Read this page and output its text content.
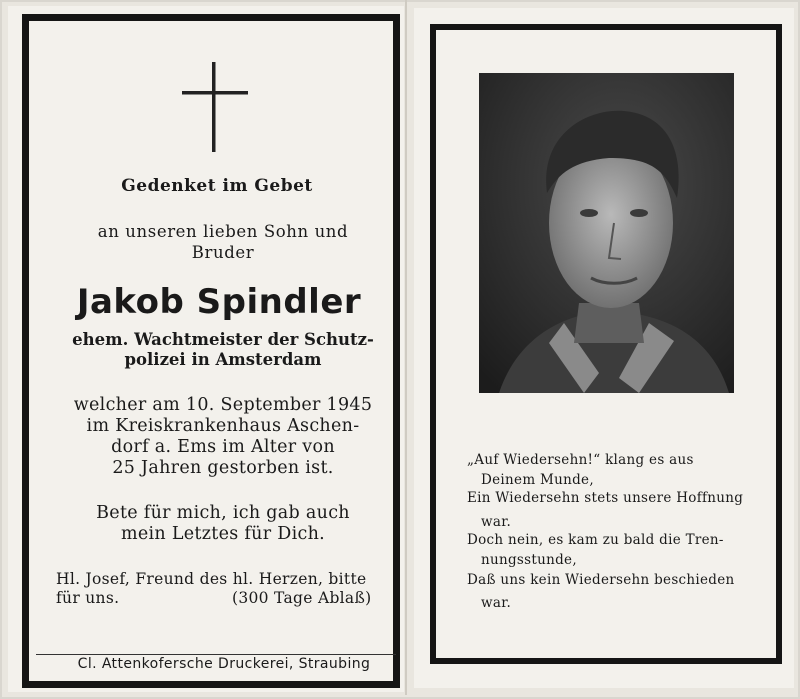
Gedenket im Gebet
an unseren lieben Sohn und
Bruder
Jakob Spindler
ehem. Wachtmeister der Schutz-
polizei in Amsterdam
welcher am 10. September 1945
im Kreiskrankenhaus Aschen-
dorf a. Ems im Alter von
25 Jahren gestorben ist.
Bete für mich, ich gab auch
mein Letztes für Dich.
Hl. Josef, Freund des hl. Herzen, bitte
für uns.	(300 Tage Ablaß)
Cl. Attenkofersche Druckerei, Straubing
„Auf Wiedersehn!“ klang es aus
Deinem Munde,
Ein Wiedersehn stets unsere Hoffnung
war.
Doch nein, es kam zu bald die Tren-
nungsstunde,
Daß uns kein Wiedersehn beschieden
war.
